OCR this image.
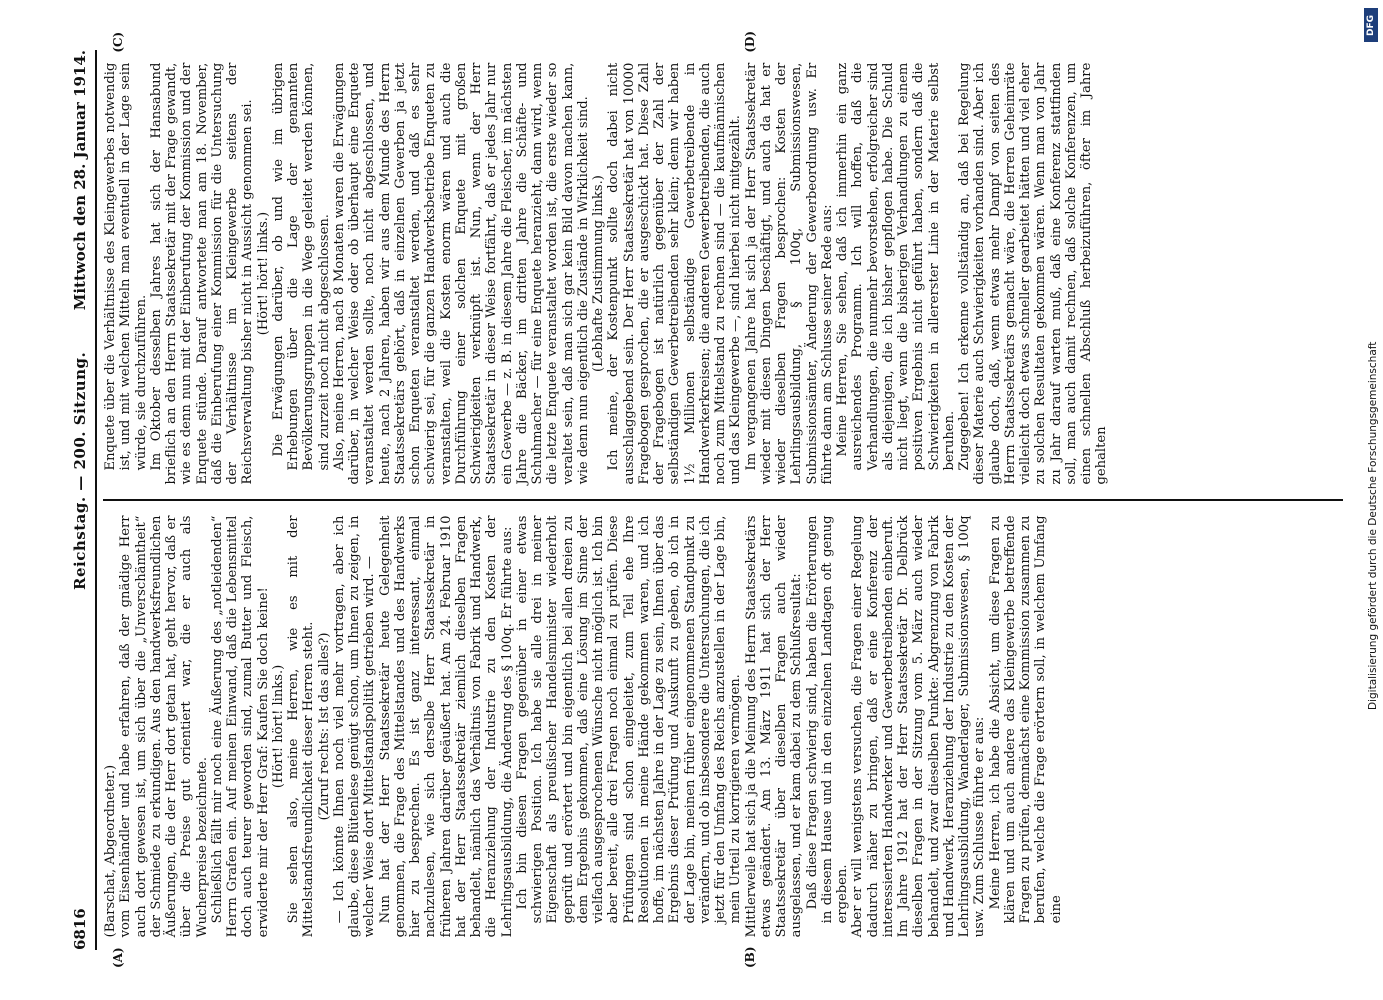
6816
Reichstag. — 200. Sitzung.
Mittwoch den 28. Januar 1914.
(A)	(B)

(Barschat, Abgeordneter.) vom Eisenhändler und habe erfahren, daß der gnädige Herr auch dort gewesen ist, um sich über die „Unverschämtheit“ der Schmiede zu erkundigen. Aus den handwerksfreundlichen Äußerungen, die der Herr dort getan hat, geht hervor, daß er über die Preise gut orientiert war, die er auch als Wucherpreise bezeichnete. Schließlich fällt mir noch eine Äußerung des „notleidenden“ Herrn Grafen ein. Auf meinen Einwand, daß die Lebensmittel doch auch teurer geworden sind, zumal Butter und Fleisch, erwiderte mir der Herr Graf: Kaufen Sie doch keine! (Hört! hört! links.) Sie sehen also, meine Herren, wie es mit der Mittelstandsfreundlichkeit dieser Herren steht. (Zuruf rechts: Ist das alles?) — Ich könnte Ihnen noch viel mehr vortragen, aber ich glaube, diese Blütenlese genügt schon, um Ihnen zu zeigen, in welcher Weise dort Mittelstandspolitik getrieben wird. — Nun hat der Herr Staatssekretär heute Gelegenheit genommen, die Frage des Mittelstandes und des Handwerks hier zu besprechen. Es ist ganz interessant, einmal nachzulesen, wie sich derselbe Herr Staatssekretär in früheren Jahren darüber geäußert hat. Am 24. Februar 1910 hat der Herr Staatssekretär ziemlich dieselben Fragen behandelt, nämlich das Verhältnis von Fabrik und Handwerk, die Heranziehung der Industrie zu den Kosten der Lehrlingsausbildung, die Änderung des § 100q. Er führte aus: Ich bin diesen Fragen gegenüber in einer etwas schwierigen Position. Ich habe sie alle drei in meiner Eigenschaft als preußischer Handelsminister wiederholt geprüft und erörtert und bin eigentlich bei allen dreien zu dem Ergebnis gekommen, daß eine Lösung im Sinne der vielfach ausgesprochenen Wünsche nicht möglich ist. Ich bin aber bereit, alle drei Fragen noch einmal zu prüfen. Diese Prüfungen sind schon eingeleitet, zum Teil ehe Ihre Resolutionen in meine Hände gekommen waren, und ich hoffe, im nächsten Jahre in der Lage zu sein, Ihnen über das Ergebnis dieser Prüfung und Auskunft zu geben, ob ich in der Lage bin, meinen früher eingenommenen Standpunkt zu verändern, und ob insbesondere die Untersuchungen, die ich jetzt für den Umfang des Reichs anzustellen in der Lage bin, mein Urteil zu korrigieren vermögen. Mittlerweile hat sich ja die Meinung des Herrn Staatssekretärs etwas geändert. Am 13. März 1911 hat sich der Herr Staatssekretär über dieselben Fragen auch wieder ausgelassen, und er kam dabei zu dem Schlußresultat: Daß diese Fragen schwierig sind, haben die Erörterungen in diesem Hause und in den einzelnen Landtagen oft genug ergeben. Aber er will wenigstens versuchen, die Fragen einer Regelung dadurch näher zu bringen, daß er eine Konferenz der interessierten Handwerker und Gewerbetreibenden einberuft. Im Jahre 1912 hat der Herr Staatssekretär Dr. Delbrück dieselben Fragen in der Sitzung vom 5. März auch wieder behandelt, und zwar dieselben Punkte: Abgrenzung von Fabrik und Handwerk, Heranziehung der Industrie zu den Kosten der Lehrlingsausbildung, Wanderlager, Submissionswesen, § 100q usw. Zum Schlusse führte er aus: Meine Herren, ich habe die Absicht, um diese Fragen zu klären und um auch andere das Kleingewerbe betreffende Fragen zu prüfen, demnächst eine Kommission zusammen zu berufen, welche die Frage erörtern soll, in welchem Umfang eine

Enquete über die Verhältnisse des Kleingewerbes notwendig ist, und mit welchen Mitteln man eventuell in der Lage sein würde, sie durchzuführen. Im Oktober desselben Jahres hat sich der Hansabund brieflich an den Herrn Staatssekretär mit der Frage gewandt, wie es denn nun mit der Einberufung der Kommission und der Enquete stünde. Darauf antwortete man am 18. November, daß die Einberufung einer Kommission für die Untersuchung der Verhältnisse im Kleingewerbe seitens der Reichsverwaltung bisher nicht in Aussicht genommen sei. (Hört! hört! links.) Die Erwägungen darüber, ob und wie im übrigen Erhebungen über die Lage der genannten Bevölkerungsgruppen in die Wege geleitet werden können, sind zurzeit noch nicht abgeschlossen. Also, meine Herren, nach 8 Monaten waren die Erwägungen darüber, in welcher Weise oder ob überhaupt eine Enquete veranstaltet werden sollte, noch nicht abgeschlossen, und heute, nach 2 Jahren, haben wir aus dem Munde des Herrn Staatssekretärs gehört, daß in einzelnen Gewerben ja jetzt schon Enqueten veranstaltet werden, und daß es sehr schwierig sei, für die ganzen Handwerksbetriebe Enqueten zu veranstalten, weil die Kosten enorm wären und auch die Durchführung einer solchen Enquete mit großen Schwierigkeiten verknüpft ist. Nun, wenn der Herr Staatssekretär in dieser Weise fortfährt, daß er jedes Jahr nur ein Gewerbe — z. B. in diesem Jahre die Fleischer, im nächsten Jahre die Bäcker, im dritten Jahre die Schäfte- und Schuhmacher — für eine Enquete heranzieht, dann wird, wenn die letzte Enquete veranstaltet worden ist, die erste wieder so veraltet sein, daß man sich gar kein Bild davon machen kann, wie denn nun eigentlich die Zustände in Wirklichkeit sind. (Lebhafte Zustimmung links.) Ich meine, der Kostenpunkt sollte doch dabei nicht ausschlaggebend sein. Der Herr Staatssekretär hat von 10000 Fragebogen gesprochen, die er ausgeschickt hat. Diese Zahl der Fragebogen ist natürlich gegenüber der Zahl der selbständigen Gewerbetreibenden sehr klein; denn wir haben 1½ Millionen selbständige Gewerbetreibende in Handwerkerkreisen; die anderen Gewerbetreibenden, die auch noch zum Mittelstand zu rechnen sind — die kaufmännischen und das Kleingewerbe —, sind hierbei nicht mitgezählt. Im vergangenen Jahre hat sich ja der Herr Staatssekretär wieder mit diesen Dingen beschäftigt, und auch da hat er wieder dieselben Fragen besprochen: Kosten der Lehrlingsausbildung, § 100q, Submissionswesen, Submissionsämter, Änderung der Gewerbeordnung usw. Er führte dann am Schlusse seiner Rede aus: Meine Herren, Sie sehen, daß ich immerhin ein ganz ausreichendes Programm. Ich will hoffen, daß die Verhandlungen, die nunmehr bevorstehen, erfolgreicher sind als diejenigen, die ich bisher gepflogen habe. Die Schuld nicht liegt, wenn die bisherigen Verhandlungen zu einem positiven Ergebnis nicht geführt haben, sondern daß die Schwierigkeiten in allererster Linie in der Materie selbst beruhen. Zugegeben! Ich erkenne vollständig an, daß bei Regelung dieser Materie auch Schwierigkeiten vorhanden sind. Aber ich glaube doch, daß, wenn etwas mehr Dampf von seiten des Herrn Staatssekretärs gemacht wäre, die Herren Geheimräte vielleicht doch etwas schneller gearbeitet hätten und viel eher zu solchen Resultaten gekommen wären. Wenn man von Jahr zu Jahr darauf warten muß, daß eine Konferenz stattfinden soll, man auch damit rechnen, daß solche Konferenzen, um einen schnellen Abschluß herbeizuführen, öfter im Jahre gehalten

(C)	(D)
Digitalisierung gefördert durch die Deutsche Forschungsgemeinschaft
DFG
